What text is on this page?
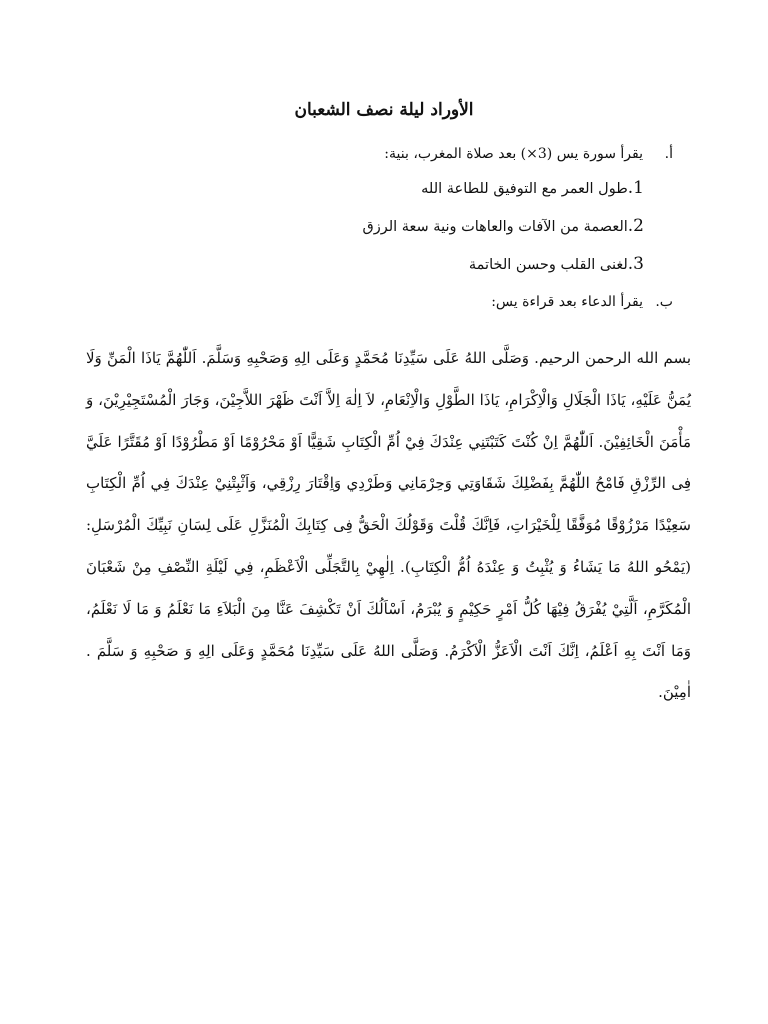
الأوراد ليلة نصف الشعبان
أ.يقرأ سورة يس (3×) بعد صلاة المغرب، بنية:
1.طول العمر مع التوفيق للطاعة الله
2.العصمة من الآفات والعاهات ونية سعة الرزق
3.لغنى القلب وحسن الخاتمة
ب.يقرأ الدعاء بعد قراءة يس:
بسم الله الرحمن الرحيم. وَصَلَّى اللهُ عَلَى سَيِّدِنَا مُحَمَّدٍ وَعَلَى الِهِ وَصَحْبِهِ وَسَلَّمَ. اَللّٰهُمَّ يَاذَا الْمَنِّ وَلَا يُمَنُّ عَلَيْهِ، يَاذَا الْجَلَالِ وَالْاِكْرَامِ، يَاذَا الطَّوْلِ وَالْاِنْعَامِ، لاَ اِلٰهَ اِلاَّ اَنْتَ ظَهْرَ اللاَّجِيْنَ، وَجَارَ الْمُسْتَجِيْرِيْنَ، وَ مَأْمَنَ الْخَائِفِيْنَ. اَللّٰهُمَّ اِنْ كُنْتَ كَتَبْتَنِي عِنْدَكَ فِيْ اُمِّ الْكِتَابِ شَقِيًّا اَوْ مَحْرُوْمًا اَوْ مَطْرُوْدًا اَوْ مُقَتَّرًا عَلَيَّ فِى الرِّزْقِ فَامْحُ اللّٰهُمَّ بِفَضْلِكَ شَقَاوَتِي وَحِرْمَانِي وَطَرْدِي وَاِقْتَارَ رِزْقِي، وَاَثْبِتْنِيْ عِنْدَكَ فِي اُمِّ الْكِتَابِ سَعِيْدًا مَرْزُوْقًا مُوَفَّقًا لِلْخَيْرَاتِ، فَاِنَّكَ قُلْتَ وَقَوْلُكَ الْحَقُّ فِى كِتَابِكَ الْمُنَزَّلِ عَلَى لِسَانِ نَبِيِّكَ الْمُرْسَلِ: (يَمْحُو اللهُ مَا يَشَاءُ وَ يُثْبِتُ وَ عِنْدَهُ اُمُّ الْكِتَابِ). اِلٰهِيْ بِالتَّجَلِّى الْاَعْظَمِ، فِي لَيْلَةِ النِّصْفِ مِنْ شَعْبَانَ الْمُكَرَّمِ، اَلَّتِيْ يُفْرَقُ فِيْهَا كُلُّ اَمْرٍ حَكِيْمٍ وَ يُبْرَمُ، اَسْاَلُكَ اَنْ تَكْشِفَ عَنَّا مِنَ الْبَلاَءِ مَا نَعْلَمُ وَ مَا لَا نَعْلَمُ، وَمَا اَنْتَ بِهِ اَعْلَمُ، اِنَّكَ اَنْتَ الْاَعَزُّ الْاَكْرَمُ. وَصَلَّى اللهُ عَلَى سَيِّدِنَا مُحَمَّدٍ وَعَلَى الِهِ وَ صَحْبِهِ وَ سَلَّمَ . اٰمِيْنَ.
